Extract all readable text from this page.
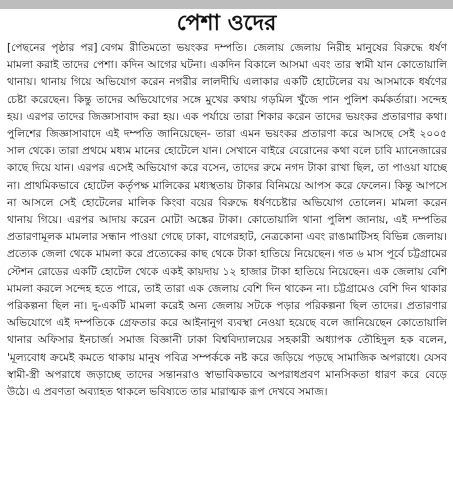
পেশা ওদের
[পেছনের পৃষ্ঠার পর] বেগম রীতিমতো ভয়ংকর দম্পতি। জেলায় জেলায় নিরীহ মানুষের বিরুদ্ধে ধর্ষণ মামলা করাই তাদের পেশা। কদিন আগের ঘটনা। একদিন বিকালে আসমা এবং তার স্বামী যান কোতোয়ালি থানায়। থানায় গিয়ে অভিযোগ করেন নগরীর লালদীঘি এলাকার একটি হোটেলের বয় আসমাকে ধর্ষণের চেষ্টা করেছেন। কিন্তু তাদের অভিযোগের সঙ্গে মুখের কথায় গড়মিল খুঁজে পান পুলিশ কর্মকর্তারা। সন্দেহ হয়। এরপর তাদের জিজ্ঞাসাবাদ করা হয়। এক পর্যায়ে তারা শিকার করেন তাদের ভয়ংকর প্রতারণার কথা। পুলিশের জিজ্ঞাসাবাদে এই দম্পতি জানিয়েছেন- তারা এমন ভয়ংকর প্রতারণা করে আসছে সেই ২০০৫ সাল থেকে। তারা প্রথমে মধ্যম মানের হোটেলে যান। সেখানে বাইরে বেরোনের কথা বলে চাবি ম্যানেজারের কাছে দিয়ে যান। এরপর এসেই অভিযোগ করে বসেন, তাদের রুমে নগদ টাকা রাখা ছিল, তা পাওয়া যাচ্ছে না। প্রাথমিকভাবে হোটেল কর্তৃপক্ষ মালিকের মধ্যস্থতায় টাকার বিনিময়ে আপস করে ফেলেন। কিন্তু আপসে না আসলে সেই হোটেলের মালিক কিংবা বয়ের বিরুদ্ধে ধর্ষণচেষ্টার অভিযোগ তোলেন। মামলা করেন থানায় গিয়ে। এরপর আদায় করেন মোটা অঙ্কের টাকা। কোতোয়ালি থানা পুলিশ জানায়, এই দম্পতির প্রতারণামূলক মামলার সন্ধান পাওয়া গেছে ঢাকা, বাগেরহাট, নেত্রকোনা এবং রাঙামাটিসহ বিভিন্ন জেলায়। প্রত্যেক জেলা থেকে মামলা করে প্রত্যেকের কাছ থেকে টাকা হাতিয়ে নিয়েছেন। গত ৬ মাস পূর্বে চট্টগ্রামের স্টেশন রোডের একটি হোটেল থেকে একই কায়দায় ১২ হাজার টাকা হাতিয়ে নিয়েছেন। এক জেলায় বেশি মামলা করলে সন্দেহ হতে পারে, তাই তারা এক জেলায় বেশি দিন থাকেন না। চট্টগ্রামেও বেশি দিন থাকার পরিকল্পনা ছিল না। দু-একটি মামলা করেই অন্য জেলায় সটকে পড়ার পরিকল্পনা ছিল তাদের। প্রতারণার অভিযোগে এই দম্পতিকে গ্রেফতার করে আইনানুগ ব্যবস্থা নেওয়া হয়েছে বলে জানিয়েছেন কোতোয়ালি থানার অফিসার ইনচার্জ। সমাজ বিজ্ঞানী ঢাকা বিশ্ববিদ্যালয়ের সহকারী অধ্যাপক তৌহিদুল হক বলেন, 'মূল্যবোধ ক্রমেই কমতে থাকায় মানুষ পবিত্র সম্পর্ককে নষ্ট করে জড়িয়ে পড়ছে সামাজিক অপরাধে। যেসব স্বামী-স্ত্রী অপরাধে জড়াচ্ছে তাদের সন্তানরাও স্বাভাবিকভাবে অপরাধপ্রবণ মানসিকতা ধারণ করে বেড়ে উঠে। এ প্রবণতা অব্যাহত থাকলে ভবিষ্যতে তার মারাত্মক রূপ দেখবে সমাজ।
